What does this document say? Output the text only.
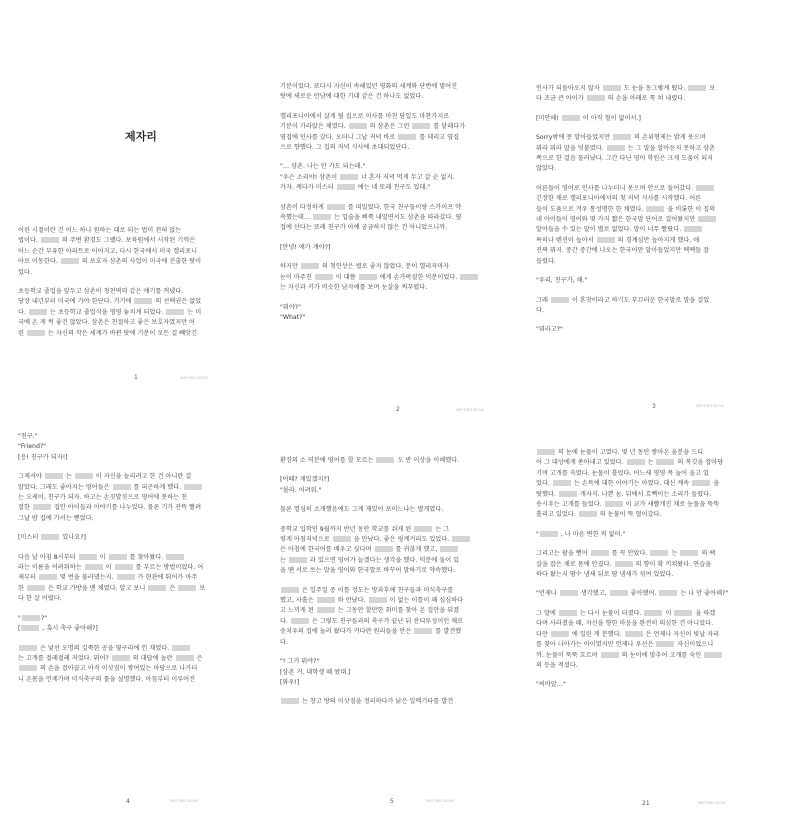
제자리
어린 시절이란 건 어느 하나 원하는 대로 되는 법이 전혀 없는
법이다.	의 주변 환경도 그랬다. 보육원에서 시작된 기억은
어느 순간 부유한 아파트로 이어지고, 다시 한국에서 미국 캘리포니
아로 이동한다.	의 보호자 삼촌의 사업이 미국에 진출한 탓이
었다.
초등학교 졸업을 앞두고 삼촌이 청천벽력 같은 얘기를 꺼냈다.
당장 내년부터 미국에 가야 한단다. 거기에	의 선택권은 없었
다.	는 초등학교 졸업식을 영영 놓치게 되었다.	는 미
국에 온 게 썩 좋진 않았다. 삼촌은 친절하고 좋은 보호자였지만 어
린	는 자신의 작은 세계가 바뀐 탓에 기분이 모든 걸 빼앗긴
1	WRITING BOOK
기분이었다. 또다시 자신이 속해있던 평화의 세계와 단번에 멀어진
탓에 새로운 만남에 대한 기대 같은 건 하나도 없었다.
캘리포니아에서 살게 될 집으로 이사를 마친 당일도 마찬가지로
기분이 가라앉은 채였다.	의 삼촌은 그런	를 달래다가
옆집에 인사를 갔다. 오더니 그날 저녁 바로	를 데리고 옆집
으로 향했다. 그 집의 저녁 식사에 초대되었단다.
"… 삼촌. 나는 안 가도 되는데."
"우슨 소리야! 삼촌이	너 혼자 저녁 먹게 두고 갈 순 없지.
가자. 케다가 미스터	에는 네 또래 친구도 있대."
삼촌이 다정하게	를 떠밀었다. 한국 친구들이랑 스카이프 약
속했는데…	는 입술을 삐쭉 내밀면서도 삼촌을 따라갔다. 옆
집에 산다는 또래 친구가 아예 궁금하지 않은 건 아니었으니까.
[안녕! 얘가 걔야?]
하지만	의 첫인상은 별로 좋지 않았다. 문이 열리자마자
눈이 마주친	이 대뜸	에게 손가락질한 덕분이었다.
는 자신과 키가 비슷한 남자애를 보며 눈살을 찌푸렸다.
"뭐야?"
"What?"
2	WRITING BOOK
인사가 되돌아오지 않자	도 눈을 동그랗게 떴다.	보
다 조금 큰 아이가	의 손을 아래로 툭 쳐 내렸다.
[미안해!	이 아직 철이 없어서.]
Sorry밖에 못 알아들었지만	의 손위형제는 밝게 웃으며
뭐라 뭐라 말을 덧붙였다.	는 그 말을 알아듣지 못하고 삼촌
쪽으로 한 걸음 물러났다. 그간 다닌 영어 학원은 크게 도움이 되지
않았다.
어른들이 영어로 인사를 나누더니 웃으며 안으로 들어갔다.
긴장한 채로 캘리포니아에서의 첫 저녁 식사를 시작했다. 어른
들이 도움으로 겨우 통성명한 한 채였다.	을 비롯한 이 집의
네 아이들이 영어와 몇 가지 짧은 한국말 단어로 걸어왔지만
알아들을 수 있는 말이 별로 없었다. 말이 너무 빨랐다.
특히나 텐션이 높아서	의 경계심만 높아지게 했다. 애
진짜 뭐지. 중간 중간에 나오는 한국어만 알아들었지만 떽떽들 잘
들렸다.
"우리, 친구가, 해."
그래	이 혼잣이라고 하기도 부끄러운 한국말로 말을 걸었
다.
"뭐라고?"
3	WRITING BOOK
"친구."
"Friend?"
[응! 친구가 되자!]
그제서야	는	이 자신을 놀리려고 한 건 아니란 걸
알았다. 그래도 좋아지는 영어들은	를 피곤하게 했다.
는 오케이, 친구가 되자. 하고는 손짓발짓으로 영어에 못하는 친
절한	집안 아이들과 이야기를 나누었다. 물론 기가 잔뜩 빨려
그날 밤 집에 가서는 뻗었다.
[미스터	있나요?]
다음 날 아침 8시부터	이	를 찾아왔다.
라는 이름을 어려워하는	이	를 부르는 방법이었다. 어
제부터	몇 번을 불러댔는지.	가 현관에 뛰어가 마주
한	은 학교 가방을 멘 채였다. 알고 보니	은	보
다 한 살 어렸다.
"	?"
[	, 혹시 축구 좋아해?]
은 낯선 오명의 깊쭉한 공을 옆구리에 낀 채였다.
는 고개를 절레절레 저었다. 뭐어?	의 대답에 놀란	은
의 손을 잡아끌고 아직 이삿짐이 쌓여있는 마당으로 나가더
니 온몸을 언제가며 미식축구의 룰을 설명했다. 아침부터 이루어진
4	WRITING BOOK
환장의 소 덕분에 영어를 할 모르는	도 반 이상을 이해했다.
[어때? 재밌겠지?]
"몰라. 어려워."
물론 열심히 소개했음에도 그게 재밌어 보이느냐는 별개였다.
중학교 입학인 9월까지 반년 동안 학교를 쉬게 된	는 그
렇게 아침저녁으로	을 만났다. 좋은 핑계거리도 있었다.
은 아침에 한국어를 배우고 싶다며	를 귀찮게 했고,
는	과 있으면 영어가 늘겠다는 생각을 했다. 덕분에 둘이 있
을 땐 서로 쓰는 말을 영어와 한국말로 바꾸어 말하기로 약속했다.
은 일주일 중 이틀 정도는 방과후에 친구들과 미식축구를
했고, 사흘은	와 만났다.	이 없는 이틀이 꽤 심심하다
고 느끼게 된	는 그동안 할만한 취미를 찾아 온 집안을 뒤졌
다.	은 그렇도 친구들과의 축구가 끝난 뒤 잔디투성이인 채로
송치우의 집에 놀러 왔다가 커다란 원리들을 안은	를 발견했
다.
"! 그거 뭐야?"
[삼촌 거. 대학생 때 썼대.]
[와우!]
는 창고 방의 이삿짐을 정리하다가 낡은 일렉기타를 발견
5	WRITING BOOK
의 눈에 눈물이 고였다. 몇 년 동안 쌓아온 울분을 드디
어 그 대상에게 쏟아내고 있었다.	는	의 목깃을 잡아당
기며 고개를 숙였다. 눈물이 흘렀다. 어느새 영영 폭 눌어 울고 있
었다.	는 손목에 대한 이야기는 아였다. 대신 계속	을
탓했다.	개자식. 나쁜 놈. 뒤에서 흐뻑이는 소리가 들렸다.
송시우는 고개를 들었다.	이 교가 새빨개진 채로 눈물을 뚝뚝
흘리고 있었다.	의 눈물이 뚝 떨어갔다.
"	, 나 마음 변한 적 없어."
그리고는 팔을 뻗어	를 꼭 안았다.	는	의 팩
살을 잡은 채로 몸에 안겼다.	의 향이 확 끼쳐왔다. 연습을
하다 왔는지 땀수 냄새 뒤로 땀 냄새가 섞여 있었다.
"언제나	생각했고,	좋아했어.	는 나 안 좋아해?"
그 말에	는 다시 눈물이 터졌다.	이	을 하겠
다며 사라졌을 때, 자신을 향한 마음을 완전히 의심한 건 아니었다.
다만	에 일린 게 분했다.	은 언제나 자신이 빛날 자리
를 찾아 나아가는 아이였지만 언제나 우선은	자신이었으니
까. 눈물이 뚝뚝 흐르며	의 눈이에 맞추어 고개를 숙인
의 등을 적셨다.
"씨바알…"
21	WRITING BOOK
